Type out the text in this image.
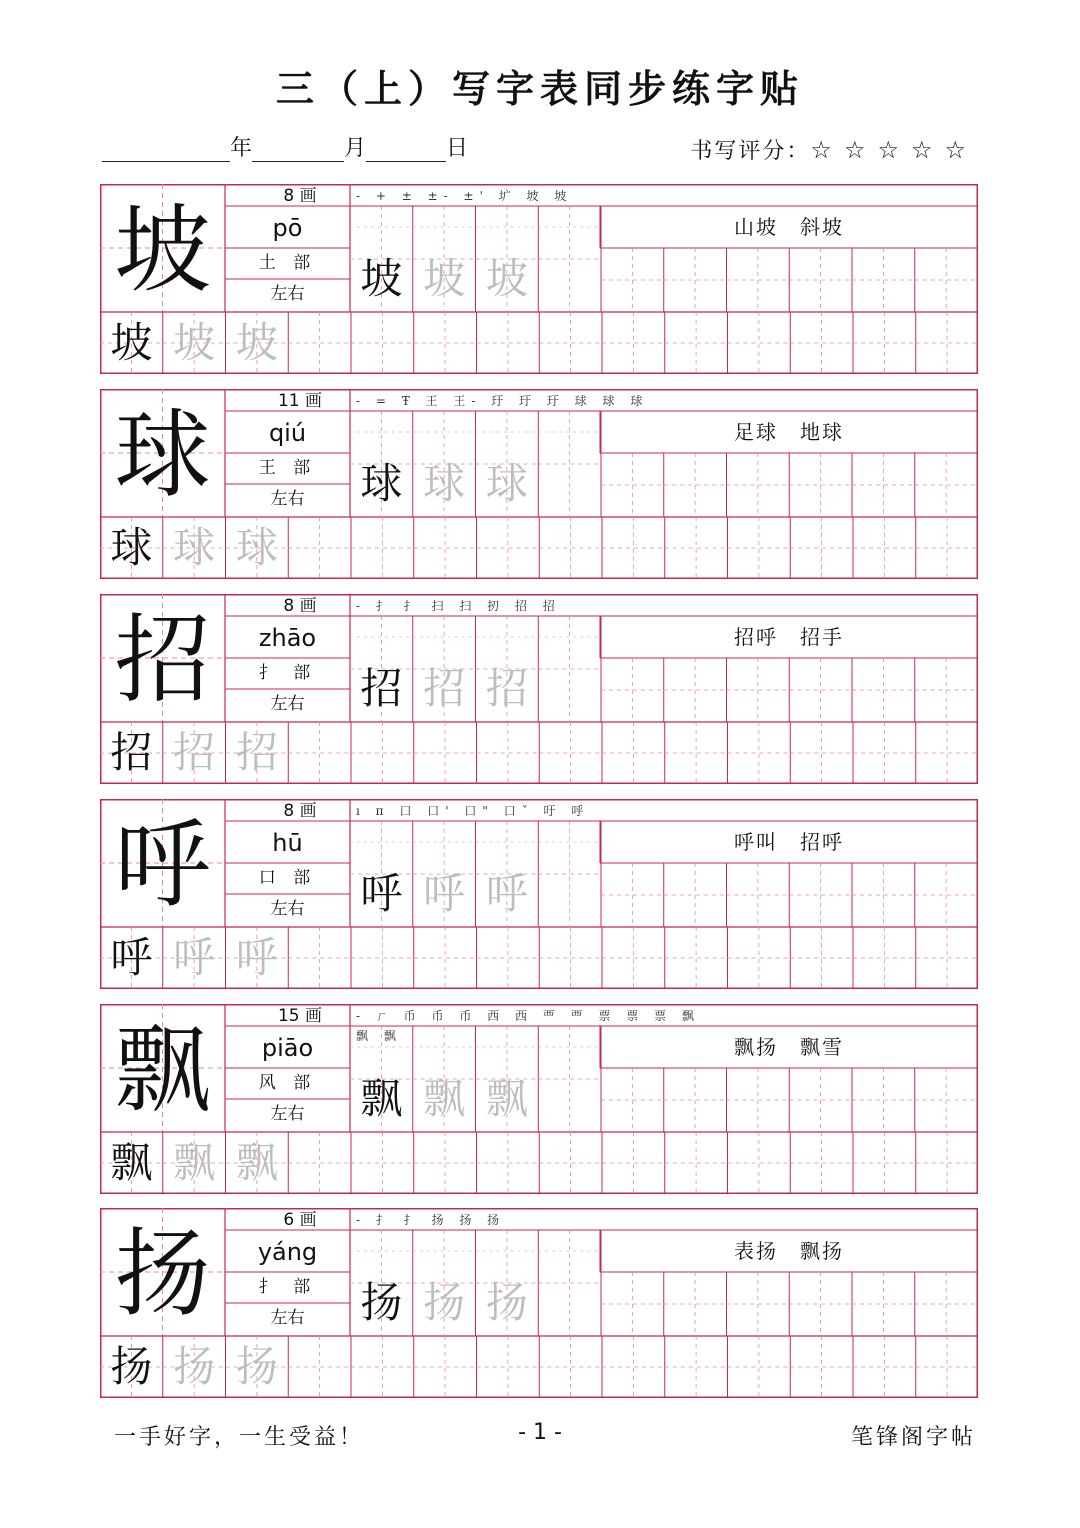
三（上）写字表同步练字贴
年	月	日	书写评分：☆☆☆☆☆
坡	8 画
pō
土 部
左右
- + ± ±- ±' 圹 坡 坡
山坡　斜坡
坡 坡 坡
坡 坡 坡
球	11 画
qiú
王 部
左右
- = Ŧ 王 王- 玗 玗 玗 球 球 球
足球　地球
球 球 球
球 球 球
招	8 画
zhāo
扌 部
左右
- 扌 扌 扫 扫 扨 招 招
招呼　招手
招 招 招
招 招 招
呼	8 画
hū
口 部
左右
ı п 口 口' 口" 口ˇ 吁 呼
呼叫　招呼
呼 呼 呼
呼 呼 呼
飘	15 画
piāo
风 部
左右
- ㄏ 币 币 币 西 西 覀 覀 票 票 票 飘 飘 飘	飘扬　飘雪
飘 飘 飘
飘 飘 飘
扬	6 画
yáng
扌 部
左右
- 扌 扌 扬 扬 扬
表扬　飘扬
扬 扬 扬
扬 扬 扬
一手好字，一生受益！	- 1 -	笔锋阁字帖
